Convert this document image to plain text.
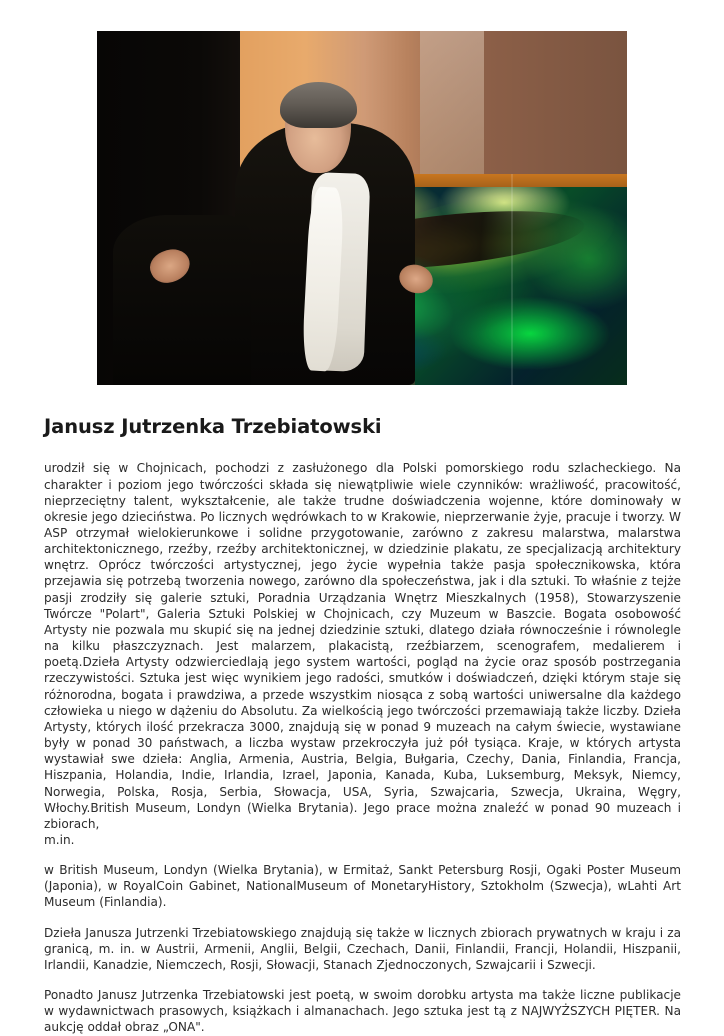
Janusz Jutrzenka Trzebiatowski

urodził się w Chojnicach, pochodzi z zasłużonego dla Polski pomorskiego rodu szlacheckiego. Na charakter i poziom jego twórczości składa się niewątpliwie wiele czynników: wrażliwość, pracowitość, nieprzeciętny talent, wykształcenie, ale także trudne doświadczenia wojenne, które dominowały w okresie jego dzieciństwa. Po licznych wędrówkach to w Krakowie, nieprzerwanie żyje, pracuje i tworzy. W ASP otrzymał wielokierunkowe i solidne przygotowanie, zarówno z zakresu malarstwa, malarstwa architektonicznego, rzeźby, rzeźby architektonicznej, w dziedzinie plakatu, ze specjalizacją architektury wnętrz. Oprócz twórczości artystycznej, jego życie wypełnia także pasja społecznikowska, która przejawia się potrzebą tworzenia nowego, zarówno dla społeczeństwa, jak i dla sztuki. To właśnie z tejże pasji zrodziły się galerie sztuki, Poradnia Urządzania Wnętrz Mieszkalnych (1958), Stowarzyszenie Twórcze "Polart", Galeria Sztuki Polskiej w Chojnicach, czy Muzeum w Baszcie. Bogata osobowość Artysty nie pozwala mu skupić się na jednej dziedzinie sztuki, dlatego działa równocześnie i równolegle na kilku płaszczyznach. Jest malarzem, plakacistą, rzeźbiarzem, scenografem, medalierem i poetą.Dzieła Artysty odzwierciedlają jego system wartości, pogląd na życie oraz sposób postrzegania rzeczywistości. Sztuka jest więc wynikiem jego radości, smutków i doświadczeń, dzięki którym staje się różnorodna, bogata i prawdziwa, a przede wszystkim niosąca z sobą wartości uniwersalne dla każdego człowieka u niego w dążeniu do Absolutu. Za wielkością jego twórczości przemawiają także liczby. Dzieła Artysty, których ilość przekracza 3000, znajdują się w ponad 9 muzeach na całym świecie, wystawiane były w ponad 30 państwach, a liczba wystaw przekroczyła już pół tysiąca. Kraje, w których artysta wystawiał swe dzieła: Anglia, Armenia, Austria, Belgia, Bułgaria, Czechy, Dania, Finlandia, Francja, Hiszpania, Holandia, Indie, Irlandia, Izrael, Japonia, Kanada, Kuba, Luksemburg, Meksyk, Niemcy, Norwegia, Polska, Rosja, Serbia, Słowacja, USA, Syria, Szwajcaria, Szwecja, Ukraina, Węgry, Włochy.British Museum, Londyn (Wielka Brytania). Jego prace można znaleźć w ponad 90 muzeach i zbiorach,

m.in.

w British Museum, Londyn (Wielka Brytania), w Ermitaż, Sankt Petersburg Rosji, Ogaki Poster Museum (Japonia), w RoyalCoin Gabinet, NationalMuseum of MonetaryHistory, Sztokholm (Szwecja), wLahti Art Museum (Finlandia).

Dzieła Janusza Jutrzenki Trzebiatowskiego znajdują się także w licznych zbiorach prywatnych w kraju i za granicą, m. in. w Austrii, Armenii, Anglii, Belgii, Czechach, Danii, Finlandii, Francji, Holandii, Hiszpanii, Irlandii, Kanadzie, Niemczech, Rosji, Słowacji, Stanach Zjednoczonych, Szwajcarii i Szwecji.

Ponadto Janusz Jutrzenka Trzebiatowski jest poetą, w swoim dorobku artysta ma także liczne publikacje w wydawnictwach prasowych, książkach i almanachach. Jego sztuka jest tą z NAJWYŻSZYCH PIĘTER. Na aukcję oddał obraz „ONA".
